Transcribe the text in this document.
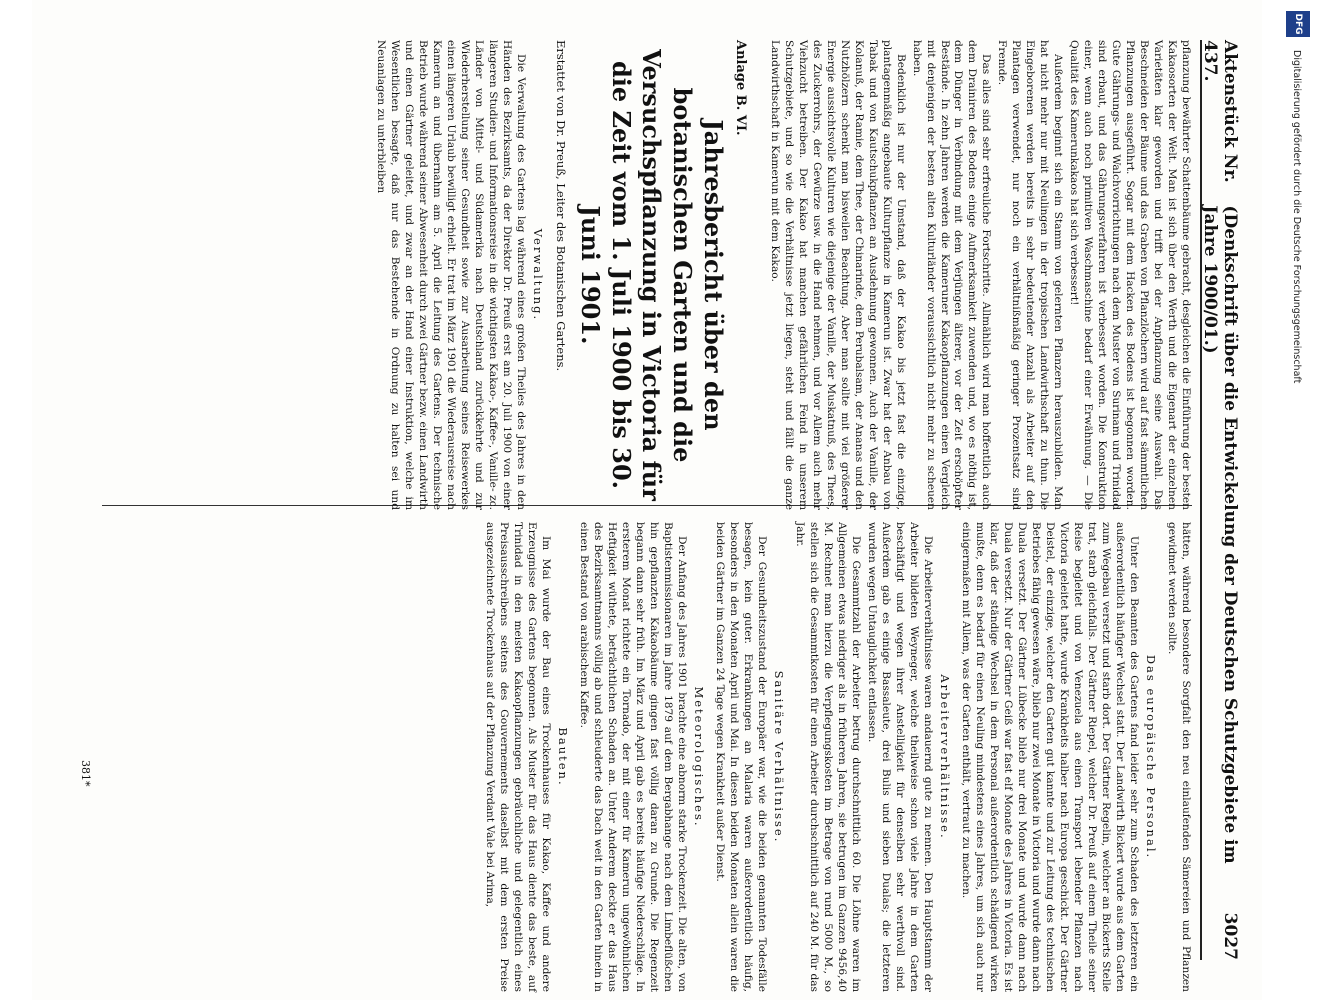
Aktenstück Nr. 437.
(Denkschrift über die Entwickelung der Deutschen Schutzgebiete im Jahre 1900/01.)
3027

pflanzung bewährter Schattenbäume gebracht, desgleichen die Einführung der besten Kakaosorten der Welt. Man ist sich über den Werth und die Eigenart der einzelnen Varietäten klar geworden und trifft bei der Anpflanzung seine Auswahl. Das Beschneiden der Bäume und das Graben von Pflanzlöchern wird auf fast sämmtlichen Pflanzungen ausgeführt. Sogar mit dem Hacken des Bodens ist begonnen worden. Gute Gährungs- und Walchvorrichtungen nach dem Muster von Surinam und Trinidad sind erbaut, und das Gährungsverfahren ist verbessert worden. Die Konstruktion einer, wenn auch noch primitiven Waschmaschine bedarf einer Erwähnung. — Die Qualität des Kamerunkakaos hat sich verbessert!

Außerdem beginnt sich ein Stamm von gelernten Pflanzern herauszubilden. Man hat nicht mehr nur mit Neulingen in der tropischen Landwirthschaft zu thun. Die Eingeborenen werden bereits in sehr bedeutender Anzahl als Arbeiter auf den Plantagen verwendet, nur noch ein verhältnißmäßig geringer Prozentsatz sind Fremde.

Das alles sind sehr erfreuliche Fortschritte. Allmählich wird man hoffentlich auch dem Drainiren des Bodens einige Aufmerksamkeit zuwenden und, wo es nöthig ist, dem Dünger in Verbindung mit dem Verjüngen älterer, vor der Zeit erschöpfter Bestände. In zehn Jahren werden die Kameruner Kakaopflanzungen einen Vergleich mit denjenigen der besten alten Kulturländer voraussichtlich nicht mehr zu scheuen haben.

Bedenklich ist nur der Umstand, daß der Kakao bis jetzt fast die einzige, plantagenmäßig angebaute Kulturpflanze in Kamerun ist. Zwar hat der Anbau von Tabak und von Kautschukpflanzen an Ausdehnung gewonnen. Auch der Vanille, der Kolanuß, der Ramie, dem Thee, der Chinarinde, dem Perubalsam, der Ananas und den Nutzhölzern schenkt man bisweilen Beachtung. Aber man sollte mit viel größerer Energie aussichtsvolle Kulturen wie diejenige der Vanille, der Muskatnuß, des Thees, des Zuckerrohrs, der Gewürze usw. in die Hand nehmen, und vor Allem auch mehr Viehzucht betreiben. Der Kakao hat manchen gefährlichen Feind in unserem Schutzgebiete, und so wie die Verhältnisse jetzt liegen, steht und fällt die ganze Landwirthschaft in Kamerun mit dem Kakao.

Anlage B. VI.
Jahresbericht über den botanischen Garten und die Versuchspflanzung in Victoria für die Zeit vom 1. Juli 1900 bis 30. Juni 1901.
Erstattet von Dr. Preuß, Leiter des Botanischen Gartens.
Verwaltung.

Die Verwaltung des Gartens lag während eines großen Theiles des Jahres in den Händen des Bezirksamts, da der Direktor Dr. Preuß erst am 20. Juli 1900 von einer längeren Studien- und Informationsreise in die wichtigsten Kakao-, Kaffee-, Vanille- zc. Länder von Mittel- und Südamerika nach Deutschland zurückkehrte und zur Wiederherstellung seiner Gesundheit sowie zur Ausarbeitung seines Reisewerkes einen längeren Urlaub bewilligt erhielt. Er trat im März 1901 die Wiederausreise nach Kamerun an und übernahm am 5. April die Leitung des Gartens. Der technische Betrieb wurde während seiner Abwesenheit durch zwei Gärtner bezw. einen Landwirth und einen Gärtner geleitet, und zwar an der Hand einer Instruktion, welche im Wesentlichen besagte, daß nur das Bestehende in Ordnung zu halten sei und Neuanlagen zu unterbleiben

hätten, während besondere Sorgfalt den neu einlaufenden Sämereien und Pflanzen gewidmet werden sollte.

Das europäische Personal.

Unter den Beamten des Gartens fand leider sehr zum Schaden des letzteren ein außerordentlich häufiger Wechsel statt. Der Landwirth Bickert wurde aus dem Garten zum Wegebau versetzt und starb dort. Der Gärtner Regelin, welcher an Bickerts Stelle trat, starb gleichfalls. Der Gärtner Riepel, welcher Dr. Preuß auf einem Theile seiner Reise begleitet und von Venezuela aus einen Transport lebender Pflanzen nach Victoria geleitet hatte, wurde Krankheits halber nach Europa geschickt. Der Gärtner Deistel, der einzige, welcher den Garten gut kannte und zur Leitung des technischen Betriebes fähig gewesen wäre, blieb nur zwei Monate in Victoria und wurde dann nach Duala versetzt. Der Gärtner Lübecke blieb nur drei Monate und wurde dann nach Duala versetzt. Nur der Gärtner Geiß war fast elf Monate des Jahres in Victoria. Es ist klar, daß der ständige Wechsel in dem Personal außerordentlich schädigend wirken mußte, denn es bedarf für einen Neuling mindestens eines Jahres, um sich auch nur einigermaßen mit Allem, was der Garten enthält, vertraut zu machen.

Arbeiterverhältnisse.

Die Arbeiterverhältnisse waren andauernd gute zu nennen. Den Hauptstamm der Arbeiter bildeten Weyneger, welche theilweise schon viele Jahre in dem Garten beschäftigt und wegen ihrer Anstelligkeit für denselben sehr werthvoll sind. Außerdem gab es einige Bassaleute, drei Bulis und sieben Dualas; die letzteren wurden wegen Untauglichkeit entlassen.

Die Gesammtzahl der Arbeiter betrug durchschnittlich 60. Die Löhne waren im Allgemeinen etwas niedriger als in früheren Jahren, sie betrugen im Ganzen 9456,40 M. Rechnet man hierzu die Verpflegungskosten im Betrage von rund 5000 M., so stellen sich die Gesammtkosten für einen Arbeiter durchschnittlich auf 240 M. für das Jahr.

Sanitäre Verhältnisse.

Der Gesundheitszustand der Europäer war, wie die beiden genannten Todesfälle besagen, kein guter. Erkrankungen an Malaria waren außerordentlich häufig, besonders in den Monaten April und Mai. In diesen beiden Monaten allein waren die beiden Gärtner im Ganzen 24 Tage wegen Krankheit außer Dienst.

Meteorologisches.

Der Anfang des Jahres 1901 brachte eine abnorm starke Trockenzeit. Die alten, von Baptistenmissionaren im Jahre 1879 auf dem Bergabhange nach dem Limbeflüßchen hin gepflanzten Kakaobäume gingen fast völlig daran zu Grunde. Die Regenzeit begann dann sehr früh. Im März und April gab es bereits häufige Niederschläge. In ersterem Monat richtete ein Tornado, der mit einer für Kamerun ungewöhnlichen Heftigkeit wüthete, beträchtlichen Schaden an. Unter Anderem deckte er das Haus des Bezirksamtmanns völlig ab und schleuderte das Dach weit in den Garten hinein in einen Bestand von arabischem Kaffee.

Bauten.

Im Mai wurde der Bau eines Trockenhauses für Kakao, Kaffee und andere Erzeugnisse des Gartens begonnen. Als Muster für das Haus diente das beste, auf Trinidad in den meisten Kakaopflanzungen gebräuchliche und gelegentlich eines Preisausschreibens seitens des Gouvernements daselbst mit dem ersten Preise ausgezeichnete Trockenhaus auf der Pflanzung Verdant Vale bei Arima,

381*
DFG
Digitalisierung gefördert durch die Deutsche Forschungsgemeinschaft
